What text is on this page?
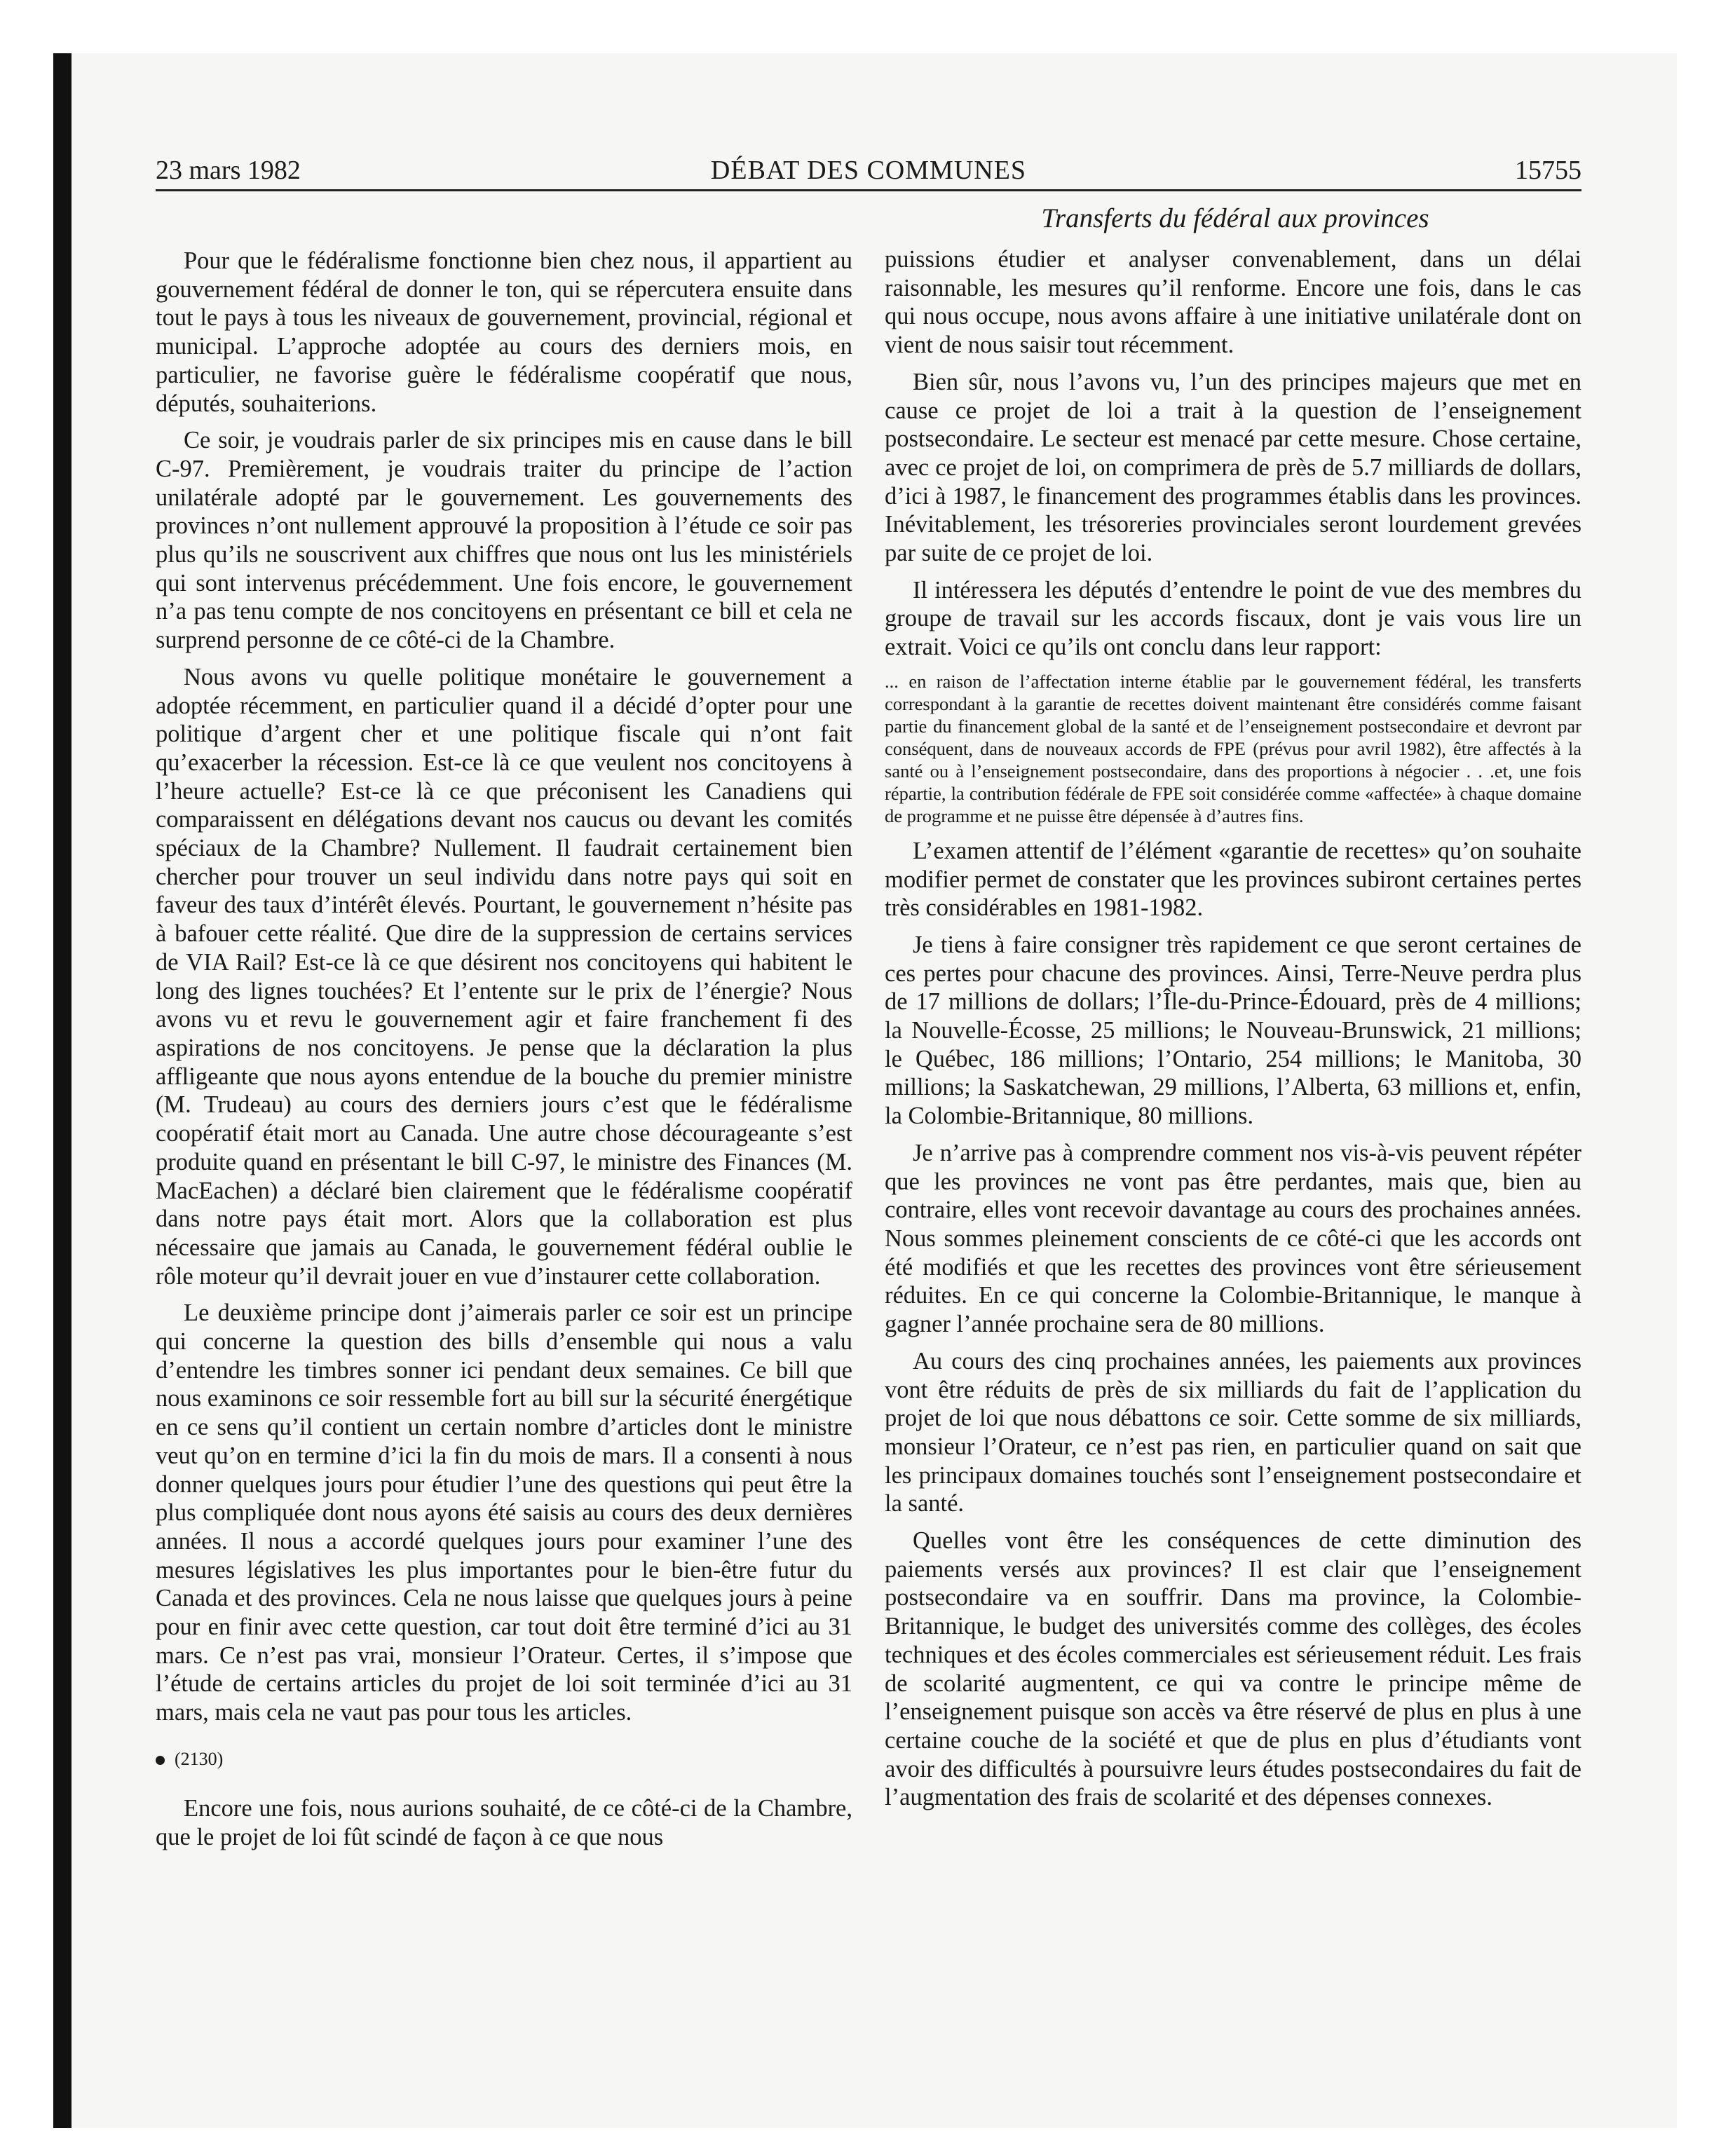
23 mars 1982	DÉBAT DES COMMUNES	15755
Transferts du fédéral aux provinces

Pour que le fédéralisme fonctionne bien chez nous, il appartient au gouvernement fédéral de donner le ton, qui se répercutera ensuite dans tout le pays à tous les niveaux de gouvernement, provincial, régional et municipal. L’approche adoptée au cours des derniers mois, en particulier, ne favorise guère le fédéralisme coopératif que nous, députés, souhaiterions.

Ce soir, je voudrais parler de six principes mis en cause dans le bill C-97. Premièrement, je voudrais traiter du principe de l’action unilatérale adopté par le gouvernement. Les gouvernements des provinces n’ont nullement approuvé la proposition à l’étude ce soir pas plus qu’ils ne souscrivent aux chiffres que nous ont lus les ministériels qui sont intervenus précédemment. Une fois encore, le gouvernement n’a pas tenu compte de nos concitoyens en présentant ce bill et cela ne surprend personne de ce côté-ci de la Chambre.

Nous avons vu quelle politique monétaire le gouvernement a adoptée récemment, en particulier quand il a décidé d’opter pour une politique d’argent cher et une politique fiscale qui n’ont fait qu’exacerber la récession. Est-ce là ce que veulent nos concitoyens à l’heure actuelle? Est-ce là ce que préconisent les Canadiens qui comparaissent en délégations devant nos caucus ou devant les comités spéciaux de la Chambre? Nullement. Il faudrait certainement bien chercher pour trouver un seul individu dans notre pays qui soit en faveur des taux d’intérêt élevés. Pourtant, le gouvernement n’hésite pas à bafouer cette réalité. Que dire de la suppression de certains services de VIA Rail? Est-ce là ce que désirent nos concitoyens qui habitent le long des lignes touchées? Et l’entente sur le prix de l’énergie? Nous avons vu et revu le gouvernement agir et faire franchement fi des aspirations de nos concitoyens. Je pense que la déclaration la plus affligeante que nous ayons entendue de la bouche du premier ministre (M. Trudeau) au cours des derniers jours c’est que le fédéralisme coopératif était mort au Canada. Une autre chose décourageante s’est produite quand en présentant le bill C-97, le ministre des Finances (M. MacEachen) a déclaré bien clairement que le fédéralisme coopératif dans notre pays était mort. Alors que la collaboration est plus nécessaire que jamais au Canada, le gouvernement fédéral oublie le rôle moteur qu’il devrait jouer en vue d’instaurer cette collaboration.

Le deuxième principe dont j’aimerais parler ce soir est un principe qui concerne la question des bills d’ensemble qui nous a valu d’entendre les timbres sonner ici pendant deux semaines. Ce bill que nous examinons ce soir ressemble fort au bill sur la sécurité énergétique en ce sens qu’il contient un certain nombre d’articles dont le ministre veut qu’on en termine d’ici la fin du mois de mars. Il a consenti à nous donner quelques jours pour étudier l’une des questions qui peut être la plus compliquée dont nous ayons été saisis au cours des deux dernières années. Il nous a accordé quelques jours pour examiner l’une des mesures législatives les plus importantes pour le bien-être futur du Canada et des provinces. Cela ne nous laisse que quelques jours à peine pour en finir avec cette question, car tout doit être terminé d’ici au 31 mars. Ce n’est pas vrai, monsieur l’Orateur. Certes, il s’impose que l’étude de certains articles du projet de loi soit terminée d’ici au 31 mars, mais cela ne vaut pas pour tous les articles.

(2130)

Encore une fois, nous aurions souhaité, de ce côté-ci de la Chambre, que le projet de loi fût scindé de façon à ce que nous

puissions étudier et analyser convenablement, dans un délai raisonnable, les mesures qu’il renforme. Encore une fois, dans le cas qui nous occupe, nous avons affaire à une initiative unilatérale dont on vient de nous saisir tout récemment.

Bien sûr, nous l’avons vu, l’un des principes majeurs que met en cause ce projet de loi a trait à la question de l’enseignement postsecondaire. Le secteur est menacé par cette mesure. Chose certaine, avec ce projet de loi, on comprimera de près de 5.7 milliards de dollars, d’ici à 1987, le financement des programmes établis dans les provinces. Inévitablement, les trésoreries provinciales seront lourdement grevées par suite de ce projet de loi.

Il intéressera les députés d’entendre le point de vue des membres du groupe de travail sur les accords fiscaux, dont je vais vous lire un extrait. Voici ce qu’ils ont conclu dans leur rapport:

... en raison de l’affectation interne établie par le gouvernement fédéral, les transferts correspondant à la garantie de recettes doivent maintenant être considérés comme faisant partie du financement global de la santé et de l’enseignement postsecondaire et devront par conséquent, dans de nouveaux accords de FPE (prévus pour avril 1982), être affectés à la santé ou à l’enseignement postsecondaire, dans des proportions à négocier . . .et, une fois répartie, la contribution fédérale de FPE soit considérée comme «affectée» à chaque domaine de programme et ne puisse être dépensée à d’autres fins.

L’examen attentif de l’élément «garantie de recettes» qu’on souhaite modifier permet de constater que les provinces subiront certaines pertes très considérables en 1981-1982.

Je tiens à faire consigner très rapidement ce que seront certaines de ces pertes pour chacune des provinces. Ainsi, Terre-Neuve perdra plus de 17 millions de dollars; l’Île-du-Prince-Édouard, près de 4 millions; la Nouvelle-Écosse, 25 millions; le Nouveau-Brunswick, 21 millions; le Québec, 186 millions; l’Ontario, 254 millions; le Manitoba, 30 millions; la Saskatchewan, 29 millions, l’Alberta, 63 millions et, enfin, la Colombie-Britannique, 80 millions.

Je n’arrive pas à comprendre comment nos vis-à-vis peuvent répéter que les provinces ne vont pas être perdantes, mais que, bien au contraire, elles vont recevoir davantage au cours des prochaines années. Nous sommes pleinement conscients de ce côté-ci que les accords ont été modifiés et que les recettes des provinces vont être sérieusement réduites. En ce qui concerne la Colombie-Britannique, le manque à gagner l’année prochaine sera de 80 millions.

Au cours des cinq prochaines années, les paiements aux provinces vont être réduits de près de six milliards du fait de l’application du projet de loi que nous débattons ce soir. Cette somme de six milliards, monsieur l’Orateur, ce n’est pas rien, en particulier quand on sait que les principaux domaines touchés sont l’enseignement postsecondaire et la santé.

Quelles vont être les conséquences de cette diminution des paiements versés aux provinces? Il est clair que l’enseignement postsecondaire va en souffrir. Dans ma province, la Colombie-Britannique, le budget des universités comme des collèges, des écoles techniques et des écoles commerciales est sérieusement réduit. Les frais de scolarité augmentent, ce qui va contre le principe même de l’enseignement puisque son accès va être réservé de plus en plus à une certaine couche de la société et que de plus en plus d’étudiants vont avoir des difficultés à poursuivre leurs études postsecondaires du fait de l’augmentation des frais de scolarité et des dépenses connexes.
